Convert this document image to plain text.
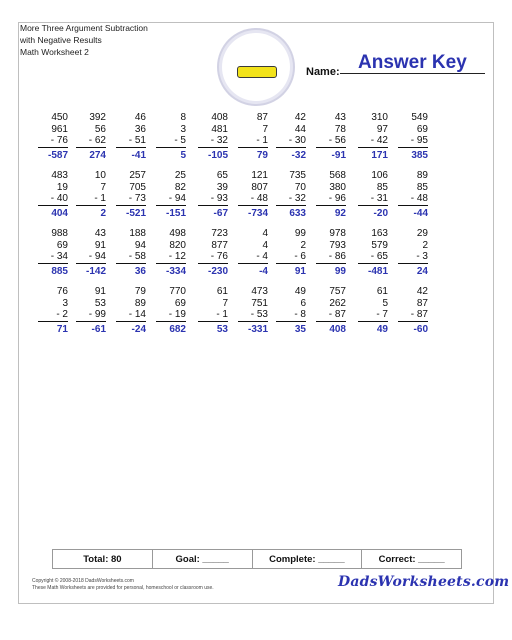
More Three Argument Subtraction
with Negative Results
Math Worksheet 2
Name: Answer Key
450
961
- 76
-587
392
56
- 62
274
46
36
- 51
-41
8
3
- 5
5
408
481
- 32
-105
87
7
- 1
79
42
44
- 30
-32
43
78
- 56
-91
310
97
- 42
171
549
69
- 95
385
483
19
- 40
404
10
7
- 1
2
257
705
- 73
-521
25
82
- 94
-151
65
39
- 93
-67
121
807
- 48
-734
735
70
- 32
633
568
380
- 96
92
106
85
- 31
-20
89
85
- 48
-44
988
69
- 34
885
43
91
- 94
-142
188
94
- 58
36
498
820
- 12
-334
723
877
- 76
-230
4
4
- 4
-4
99
2
- 6
91
978
793
- 86
99
163
579
- 65
-481
29
2
- 3
24
76
3
- 2
71
91
53
- 99
-61
79
89
- 14
-24
770
69
- 19
682
61
7
- 1
53
473
751
- 53
-331
49
6
- 8
35
757
262
- 87
408
61
5
- 7
49
42
87
- 87
-60
Total: 80	Goal: _____	Complete: _____	Correct: _____
Copyright © 2008-2018 DadsWorksheets.com
These Math Worksheets are provided for personal, homeschool or classroom use.	DadsWorksheets.com
